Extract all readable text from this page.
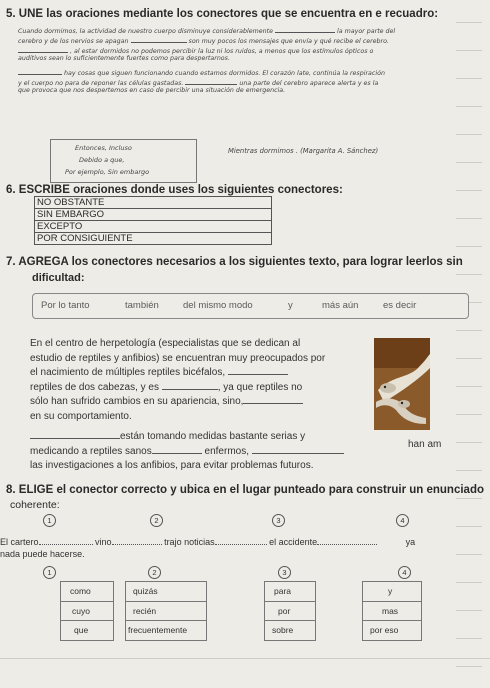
5. UNE las oraciones mediante los conectores que se encuentra en e recuadro:
Cuando dormimos, la actividad de nuestro cuerpo disminuye considerablemente	la mayor parte del
cerebro y de los nervios se apagan	son muy pocos los mensajes que envía y qué recibe el cerebro.
, al estar dormidos no podemos percibir la luz ni los ruidos, a menos que los estímulos ópticos o
auditivos sean lo suficientemente fuertes como para despertarnos.
hay cosas que siguen funcionando cuando estamos dormidos. El corazón late, continúa la respiración
y el cuerpo no para de reponer las células gastadas.	una parte del cerebro aparece alerta y es la
que provoca que nos despertemos en caso de percibir una situación de emergencia.
Entonces, Incluso
Debido a que,
Por ejemplo, Sin embargo
Mientras dormimos . (Margarita A. Sánchez)
6. ESCRIBE oraciones donde uses los siguientes conectores:
NO OBSTANTE
SIN EMBARGO
EXCEPTO
POR CONSIGUIENTE
7. AGREGA los conectores necesarios a los siguientes texto, para lograr leerlos sin
dificultad:
Por lo tanto	también	del mismo modo	y	más aún	es decir
En el centro de herpetología (especialistas que se dedican al
estudio de reptiles y anfibios) se encuentran muy preocupados por
el nacimiento de múltiples reptiles bicéfalos,
reptiles de dos cabezas, y es	, ya que reptiles no
sólo han sufrido cambios en su apariencia, sino,
en su comportamiento.
están tomando medidas bastante serias y
medicando a reptiles sanos	enfermos,
las investigaciones a los anfibios, para evitar problemas futuros.
han am
8. ELIGE el conector correcto y ubica en el lugar punteado para construir un enunciado
coherente:
1	2	3	4
El cartero	vino	trajo noticias	el accidente	ya
nada puede hacerse.
1	2	3	4
como
cuyo
que
quizás
recién
frecuentemente
para
por
sobre
y
mas
por eso
